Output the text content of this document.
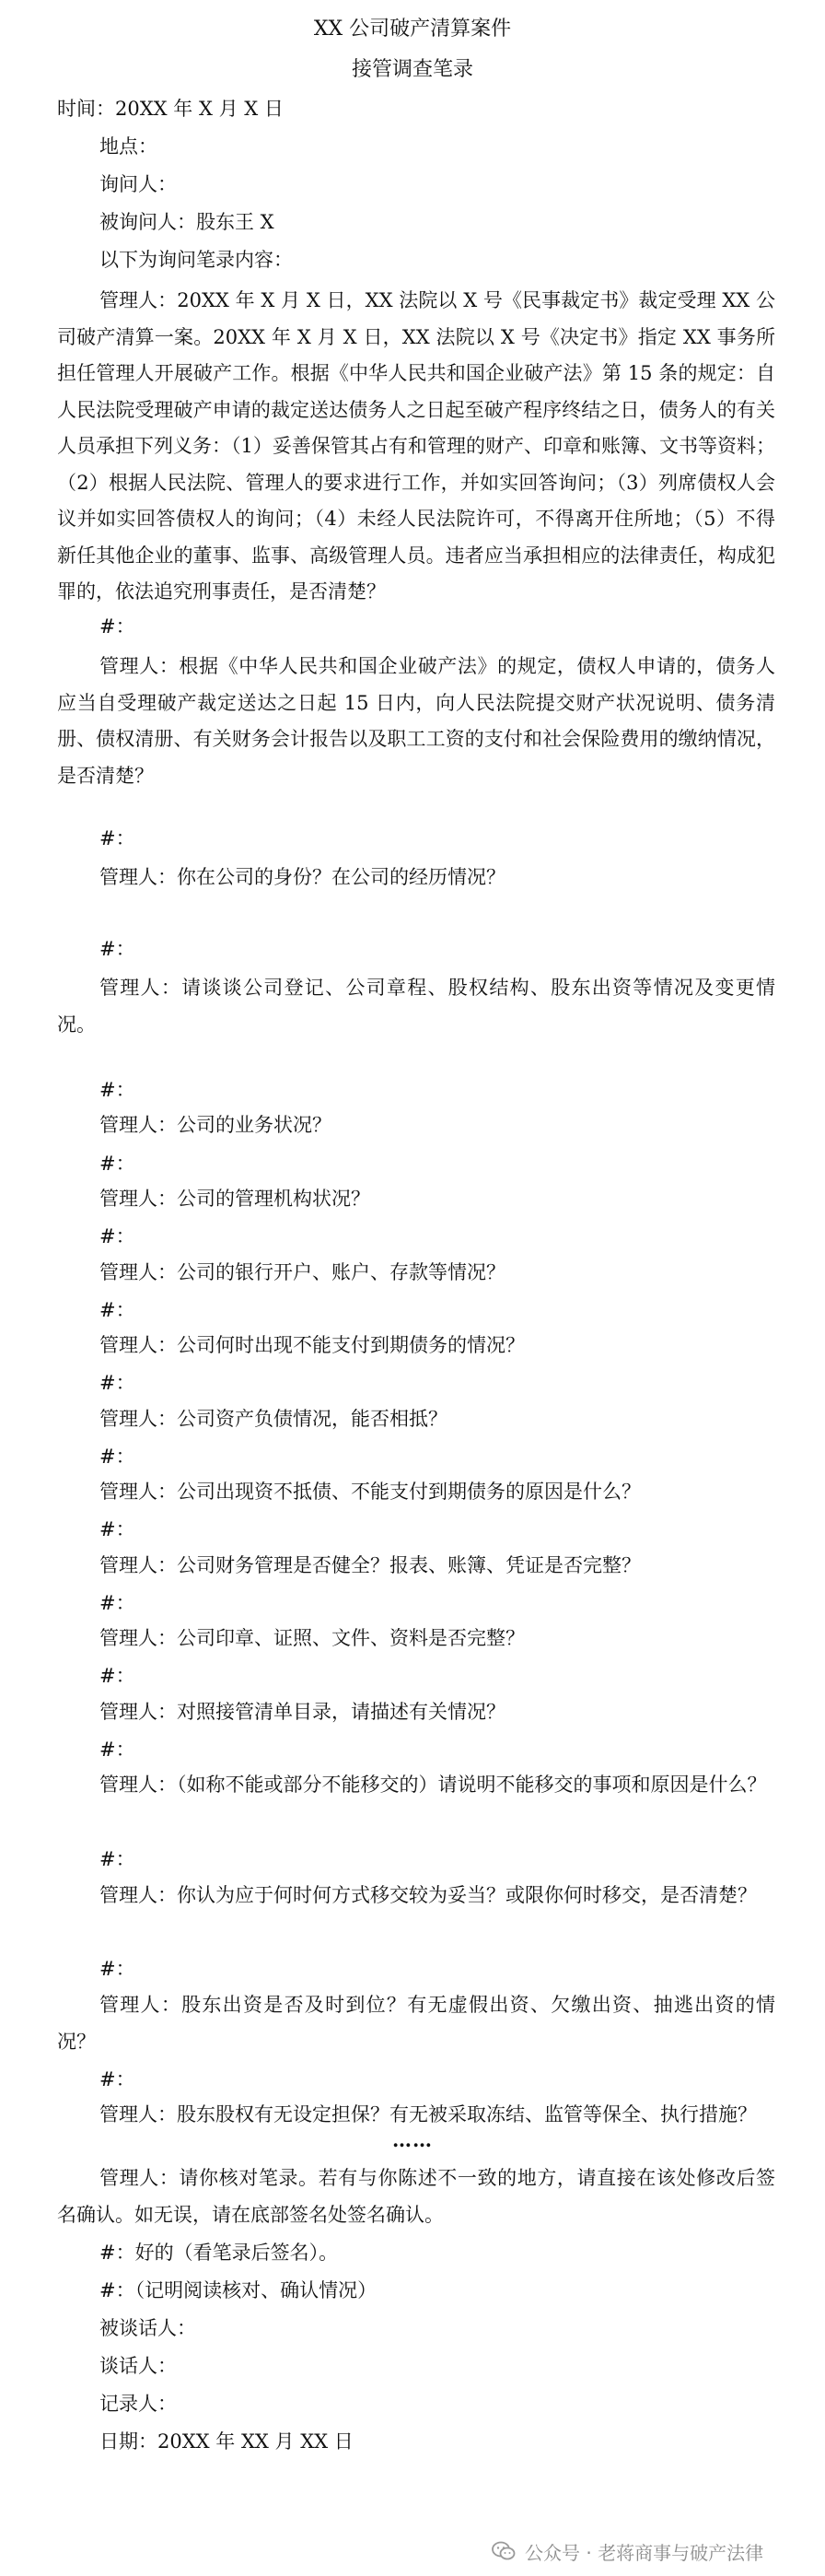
XX 公司破产清算案件
接管调查笔录
时间：20XX 年 X 月 X 日
地点：
询问人：
被询问人：股东王 X
以下为询问笔录内容：
管理人：20XX 年 X 月 X 日，XX 法院以 X 号《民事裁定书》裁定受理 XX 公司破产清算一案。20XX 年 X 月 X 日，XX 法院以 X 号《决定书》指定 XX 事务所担任管理人开展破产工作。根据《中华人民共和国企业破产法》第 15 条的规定：自人民法院受理破产申请的裁定送达债务人之日起至破产程序终结之日，债务人的有关人员承担下列义务：（1）妥善保管其占有和管理的财产、印章和账簿、文书等资料；（2）根据人民法院、管理人的要求进行工作，并如实回答询问；（3）列席债权人会议并如实回答债权人的询问；（4）未经人民法院许可，不得离开住所地；（5）不得新任其他企业的董事、监事、高级管理人员。违者应当承担相应的法律责任，构成犯罪的，依法追究刑事责任，是否清楚？
#：
管理人：根据《中华人民共和国企业破产法》的规定，债权人申请的，债务人应当自受理破产裁定送达之日起 15 日内，向人民法院提交财产状况说明、债务清册、债权清册、有关财务会计报告以及职工工资的支付和社会保险费用的缴纳情况，是否清楚？
#：
管理人：你在公司的身份？在公司的经历情况？
#：
管理人：请谈谈公司登记、公司章程、股权结构、股东出资等情况及变更情况。
#：
管理人：公司的业务状况？
#：
管理人：公司的管理机构状况？
#：
管理人：公司的银行开户、账户、存款等情况？
#：
管理人：公司何时出现不能支付到期债务的情况？
#：
管理人：公司资产负债情况，能否相抵？
#：
管理人：公司出现资不抵债、不能支付到期债务的原因是什么？
#：
管理人：公司财务管理是否健全？报表、账簿、凭证是否完整？
#：
管理人：公司印章、证照、文件、资料是否完整？
#：
管理人：对照接管清单目录，请描述有关情况？
#：
管理人：（如称不能或部分不能移交的）请说明不能移交的事项和原因是什么？
#：
管理人：你认为应于何时何方式移交较为妥当？或限你何时移交，是否清楚？
#：
管理人：股东出资是否及时到位？有无虚假出资、欠缴出资、抽逃出资的情况？
#：
管理人：股东股权有无设定担保？有无被采取冻结、监管等保全、执行措施？
……
管理人：请你核对笔录。若有与你陈述不一致的地方，请直接在该处修改后签名确认。如无误，请在底部签名处签名确认。
#：好的（看笔录后签名）。
#：（记明阅读核对、确认情况）
被谈话人：
谈话人：
记录人：
日期：20XX 年 XX 月 XX 日
公众号 · 老蒋商事与破产法律
